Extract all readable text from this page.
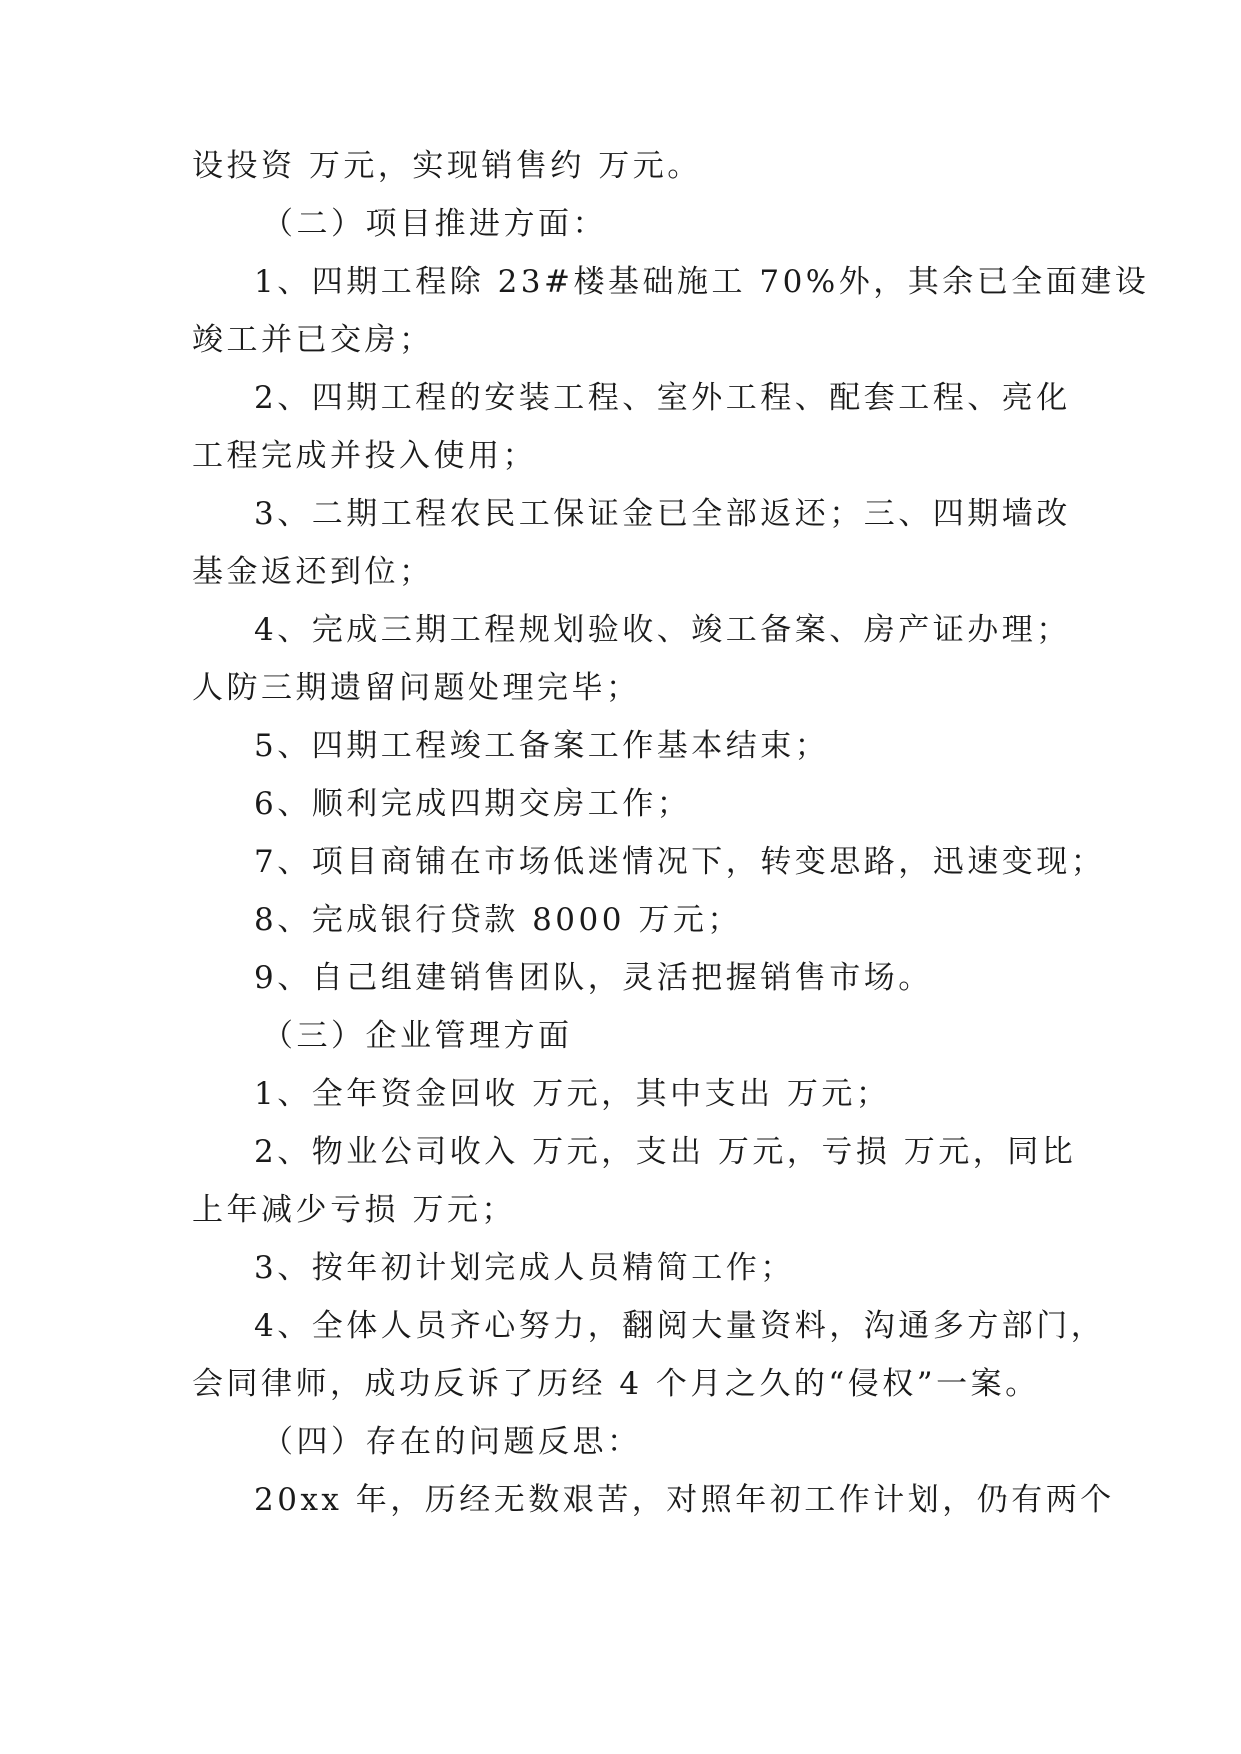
设投资 万元，实现销售约 万元。
（二）项目推进方面：
1、四期工程除 23#楼基础施工 70%外，其余已全面建设
竣工并已交房；
2、四期工程的安装工程、室外工程、配套工程、亮化
工程完成并投入使用；
3、二期工程农民工保证金已全部返还；三、四期墙改
基金返还到位；
4、完成三期工程规划验收、竣工备案、房产证办理；
人防三期遗留问题处理完毕；
5、四期工程竣工备案工作基本结束；
6、顺利完成四期交房工作；
7、项目商铺在市场低迷情况下，转变思路，迅速变现；
8、完成银行贷款 8000 万元；
9、自己组建销售团队，灵活把握销售市场。
（三）企业管理方面
1、全年资金回收 万元，其中支出 万元；
2、物业公司收入 万元，支出 万元，亏损 万元，同比
上年减少亏损 万元；
3、按年初计划完成人员精简工作；
4、全体人员齐心努力，翻阅大量资料，沟通多方部门，
会同律师，成功反诉了历经 4 个月之久的“侵权”一案。
（四）存在的问题反思：
20xx 年，历经无数艰苦，对照年初工作计划，仍有两个
